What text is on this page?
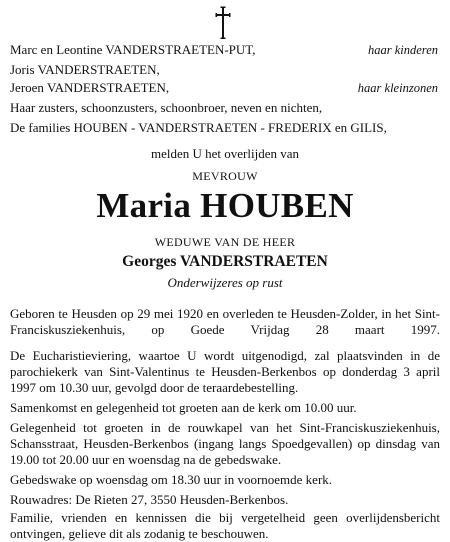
Marc en Leontine VANDERSTRAETEN-PUT,	haar kinderen
Joris VANDERSTRAETEN,
Jeroen VANDERSTRAETEN,	haar kleinzonen
Haar zusters, schoonzusters, schoonbroer, neven en nichten,
De families HOUBEN - VANDERSTRAETEN - FREDERIX en GILIS,
melden U het overlijden van
MEVROUW
Maria HOUBEN
WEDUWE VAN DE HEER
Georges VANDERSTRAETEN
Onderwijzeres op rust
Geboren te Heusden op 29 mei 1920 en overleden te Heusden-Zolder, in het Sint-Franciskusziekenhuis, op Goede Vrijdag 28 maart 1997.
De Eucharistieviering, waartoe U wordt uitgenodigd, zal plaatsvinden in de parochiekerk van Sint-Valentinus te Heusden-Berkenbos op donderdag 3 april 1997 om 10.30 uur, gevolgd door de teraardebestelling.
Samenkomst en gelegenheid tot groeten aan de kerk om 10.00 uur.
Gelegenheid tot groeten in de rouwkapel van het Sint-Franciskusziekenhuis, Schansstraat, Heusden-Berkenbos (ingang langs Spoedgevallen) op dinsdag van 19.00 tot 20.00 uur en woensdag na de gebedswake.
Gebedswake op woensdag om 18.30 uur in voornoemde kerk.
Rouwadres: De Rieten 27, 3550 Heusden-Berkenbos.
Familie, vrienden en kennissen die bij vergetelheid geen overlijdensbericht ontvingen, gelieve dit als zodanig te beschouwen.
